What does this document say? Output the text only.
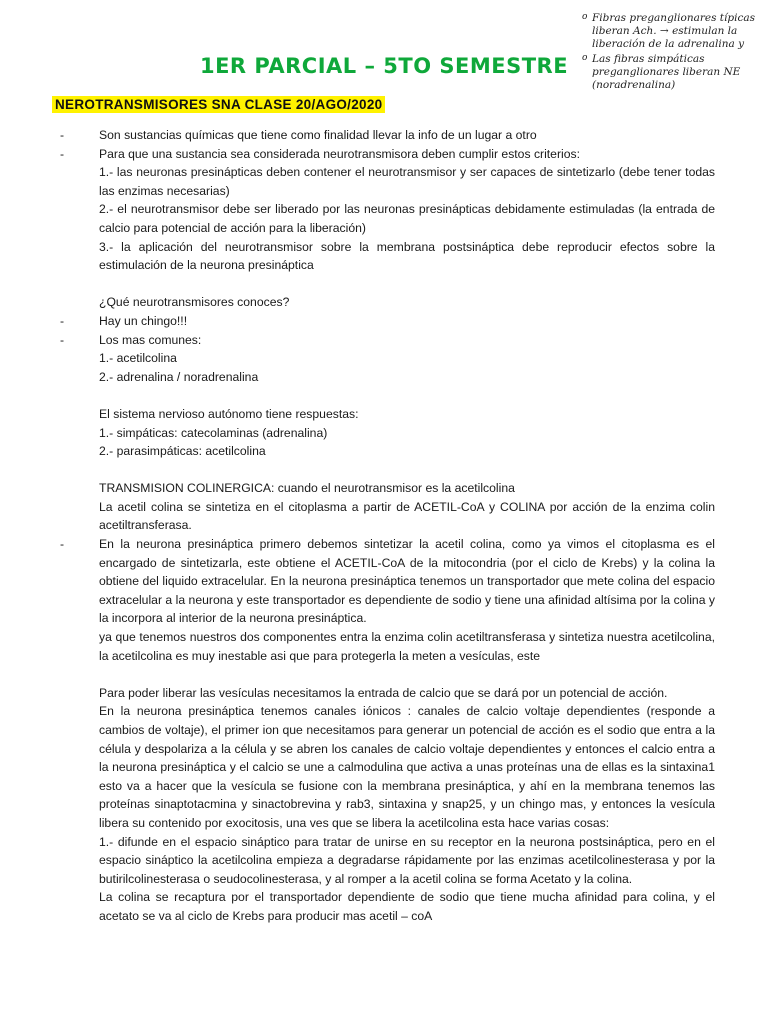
o Fibras preganglionares típicas liberan Ach. → estimulan la liberación de la adrenalina y
o Las fibras simpáticas preganglionares liberan NE (noradrenalina)
1ER PARCIAL – 5TO SEMESTRE
NEROTRANSMISORES SNA CLASE 20/AGO/2020

- Son sustancias químicas que tiene como finalidad llevar la info de un lugar a otro

- Para que una sustancia sea considerada neurotransmisora deben cumplir estos criterios:

1.- las neuronas presinápticas deben contener el neurotransmisor y ser capaces de sintetizarlo (debe tener todas las enzimas necesarias)

2.- el neurotransmisor debe ser liberado por las neuronas presinápticas debidamente estimuladas (la entrada de calcio para potencial de acción para la liberación)

3.- la aplicación del neurotransmisor sobre la membrana postsináptica debe reproducir efectos sobre la estimulación de la neurona presináptica

¿Qué neurotransmisores conoces?

- Hay un chingo!!!

- Los mas comunes:

1.- acetilcolina

2.- adrenalina / noradrenalina

El sistema nervioso autónomo tiene respuestas:

1.- simpáticas: catecolaminas (adrenalina)

2.- parasimpáticas: acetilcolina

TRANSMISION COLINERGICA: cuando el neurotransmisor es la acetilcolina

La acetil colina se sintetiza en el citoplasma a partir de ACETIL-CoA y COLINA por acción de la enzima colin acetiltransferasa.

- En la neurona presináptica primero debemos sintetizar la acetil colina, como ya vimos el citoplasma es el encargado de sintetizarla, este obtiene el ACETIL-CoA de la mitocondria (por el ciclo de Krebs) y la colina la obtiene del liquido extracelular. En la neurona presináptica tenemos un transportador que mete colina del espacio extracelular a la neurona y este transportador es dependiente de sodio y tiene una afinidad altísima por la colina y la incorpora al interior de la neurona presináptica.

ya que tenemos nuestros dos componentes entra la enzima colin acetiltransferasa y sintetiza nuestra acetilcolina, la acetilcolina es muy inestable asi que para protegerla la meten a vesículas, este

Para poder liberar las vesículas necesitamos la entrada de calcio que se dará por un potencial de acción.

En la neurona presináptica tenemos canales iónicos : canales de calcio voltaje dependientes (responde a cambios de voltaje), el primer ion que necesitamos para generar un potencial de acción es el sodio que entra a la célula y despolariza a la célula y se abren los canales de calcio voltaje dependientes y entonces el calcio entra a la neurona presináptica y el calcio se une a calmodulina que activa a unas proteínas una de ellas es la sintaxina1 esto va a hacer que la vesícula se fusione con la membrana presináptica, y ahí en la membrana tenemos las proteínas sinaptotacmina y sinactobrevina y rab3, sintaxina y snap25, y un chingo mas, y entonces la vesícula libera su contenido por exocitosis, una ves que se libera la acetilcolina esta hace varias cosas:

1.- difunde en el espacio sináptico para tratar de unirse en su receptor en la neurona postsináptica, pero en el espacio sináptico la acetilcolina empieza a degradarse rápidamente por las enzimas acetilcolinesterasa y por la butirilcolinesterasa o seudocolinesterasa, y al romper a la acetil colina se forma Acetato y la colina.

La colina se recaptura por el transportador dependiente de sodio que tiene mucha afinidad para colina, y el acetato se va al ciclo de Krebs para producir mas acetil – coA
